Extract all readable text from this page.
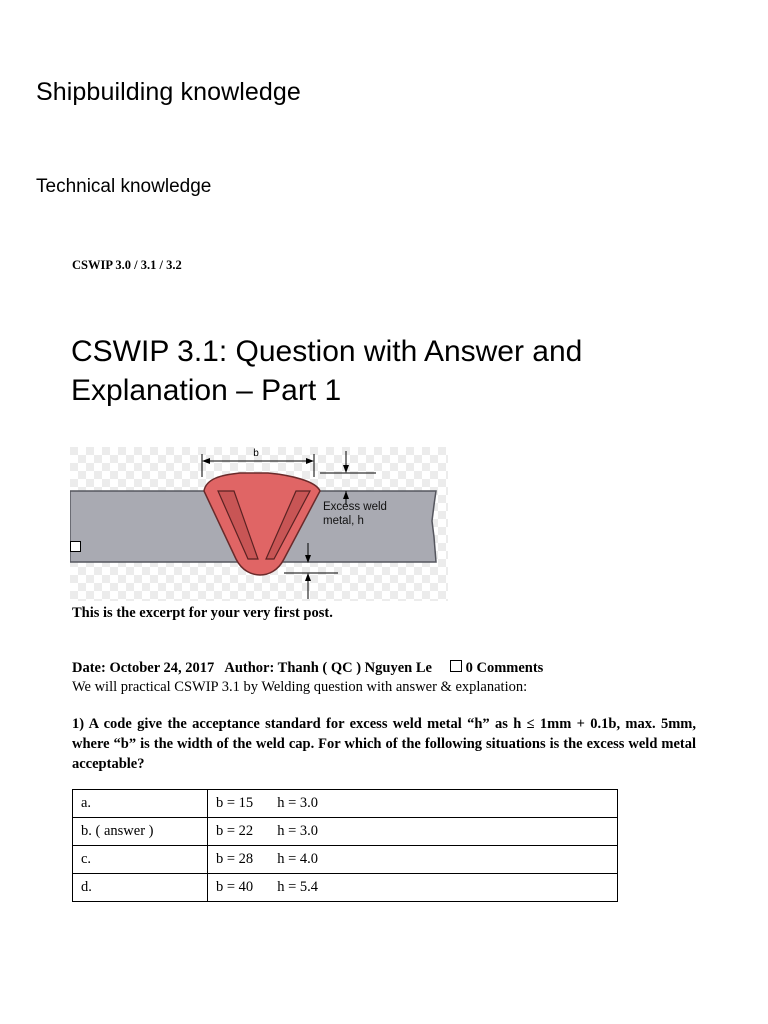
Shipbuilding knowledge
Technical knowledge
CSWIP 3.0 / 3.1 / 3.2
CSWIP 3.1: Question with Answer and
Explanation – Part 1
b
Excess weld
metal, h
This is the excerpt for your very first post.
Date: October 24, 2017 Author: Thanh ( QC ) Nguyen Le 0 Comments
We will practical CSWIP 3.1 by Welding question with answer & explanation:
1) A code give the acceptance standard for excess weld metal “h” as h ≤ 1mm + 0.1b, max. 5mm, where “b” is the width of the weld cap. For which of the following situations is the excess weld metal acceptable?
a.	b = 15 h = 3.0
b. ( answer )	b = 22 h = 3.0
c.	b = 28 h = 4.0
d.	b = 40 h = 5.4
